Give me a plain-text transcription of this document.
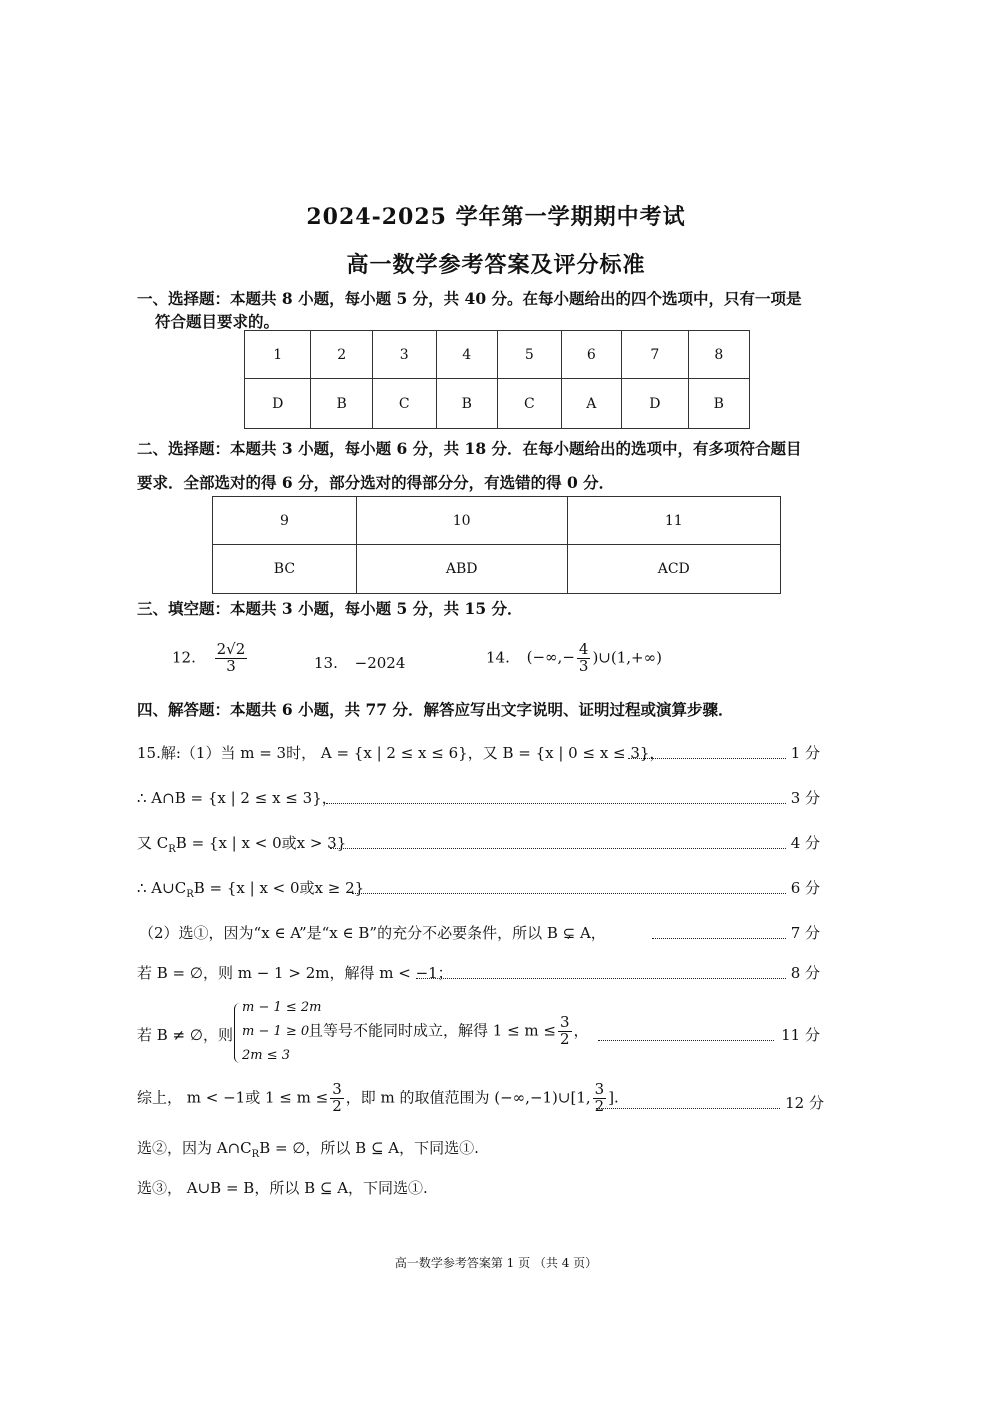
2024-2025 学年第一学期期中考试
高一数学参考答案及评分标准
一、选择题：本题共 8 小题，每小题 5 分，共 40 分。在每小题给出的四个选项中，只有一项是
符合题目要求的。
1	2	3	4	5	6	7	8
D	B	C	B	C	A	D	B
二、选择题：本题共 3 小题，每小题 6 分，共 18 分．在每小题给出的选项中，有多项符合题目
要求．全部选对的得 6 分，部分选对的得部分分，有选错的得 0 分．
9	10	11
BC	ABD	ACD
三、填空题：本题共 3 小题，每小题 5 分，共 15 分．
12. $\frac{2√2}{3}$	13. −2024	14. (−∞,− $\frac{4}{3}$ )∪(1,+∞)
四、解答题：本题共 6 小题，共 77 分．解答应写出文字说明、证明过程或演算步骤．
15.解:（1）当 m = 3时， A = {x | 2 ≤ x ≤ 6}，又 B = {x | 0 ≤ x ≤ 3}，	1 分
∴ A∩B = {x | 2 ≤ x ≤ 3}，	3 分
又 $C_RB = \{x$ | x < 0或x > 3}	4 分
∴ $A\cup C_RB = \{x$ | x < 0或x ≥ 2}	6 分
（2）选①，因为“x ∈ A”是“x ∈ B”的充分不必要条件，所以 B ⊊ A，	7 分
若 B = ∅，则 m − 1 > 2m，解得 m < −1；	8 分
若 B ≠ ∅，则
m − 1 ≤ 2m
m − 1 ≥ 0
2m ≤ 3
且等号不能同时成立，解得 $1 \le m \le \frac{3}{2}$ ，	11 分
综上， m < −1或 $1 \le m \le \frac{3}{2}$ ，即 m 的取值范围为 (−∞,−1)∪[1, $\frac{3}{2}$ ].	12 分
选②，因为 $A\cap C_RB$ = ∅，所以 B ⊆ A，下同选①.
选③， A∪B = B，所以 B ⊆ A，下同选①.
高一数学参考答案第 1 页 （共 4 页）
